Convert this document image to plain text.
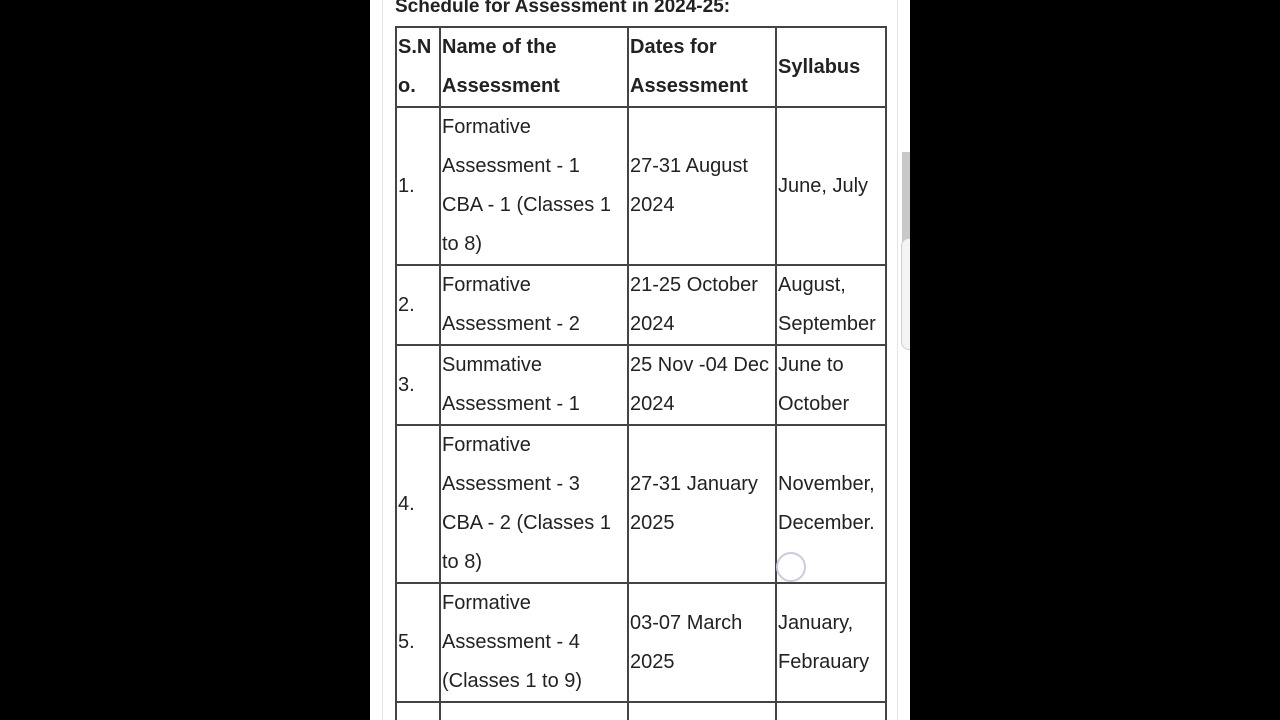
Schedule for Assessment in 2024-25:
S.No.	Name of the Assessment	Dates for Assessment	Syllabus
1.	Formative Assessment - 1 CBA - 1 (Classes 1 to 8)	27-31 August 2024	June, July
2.	Formative Assessment - 2	21-25 October 2024	August, September
3.	Summative Assessment - 1	25 Nov -04 Dec 2024	June to October
4.	Formative Assessment - 3 CBA - 2 (Classes 1 to 8)	27-31 January 2025	November, December.
5.	Formative Assessment - 4 (Classes 1 to 9)	03-07 March 2025	January, Febrauary
